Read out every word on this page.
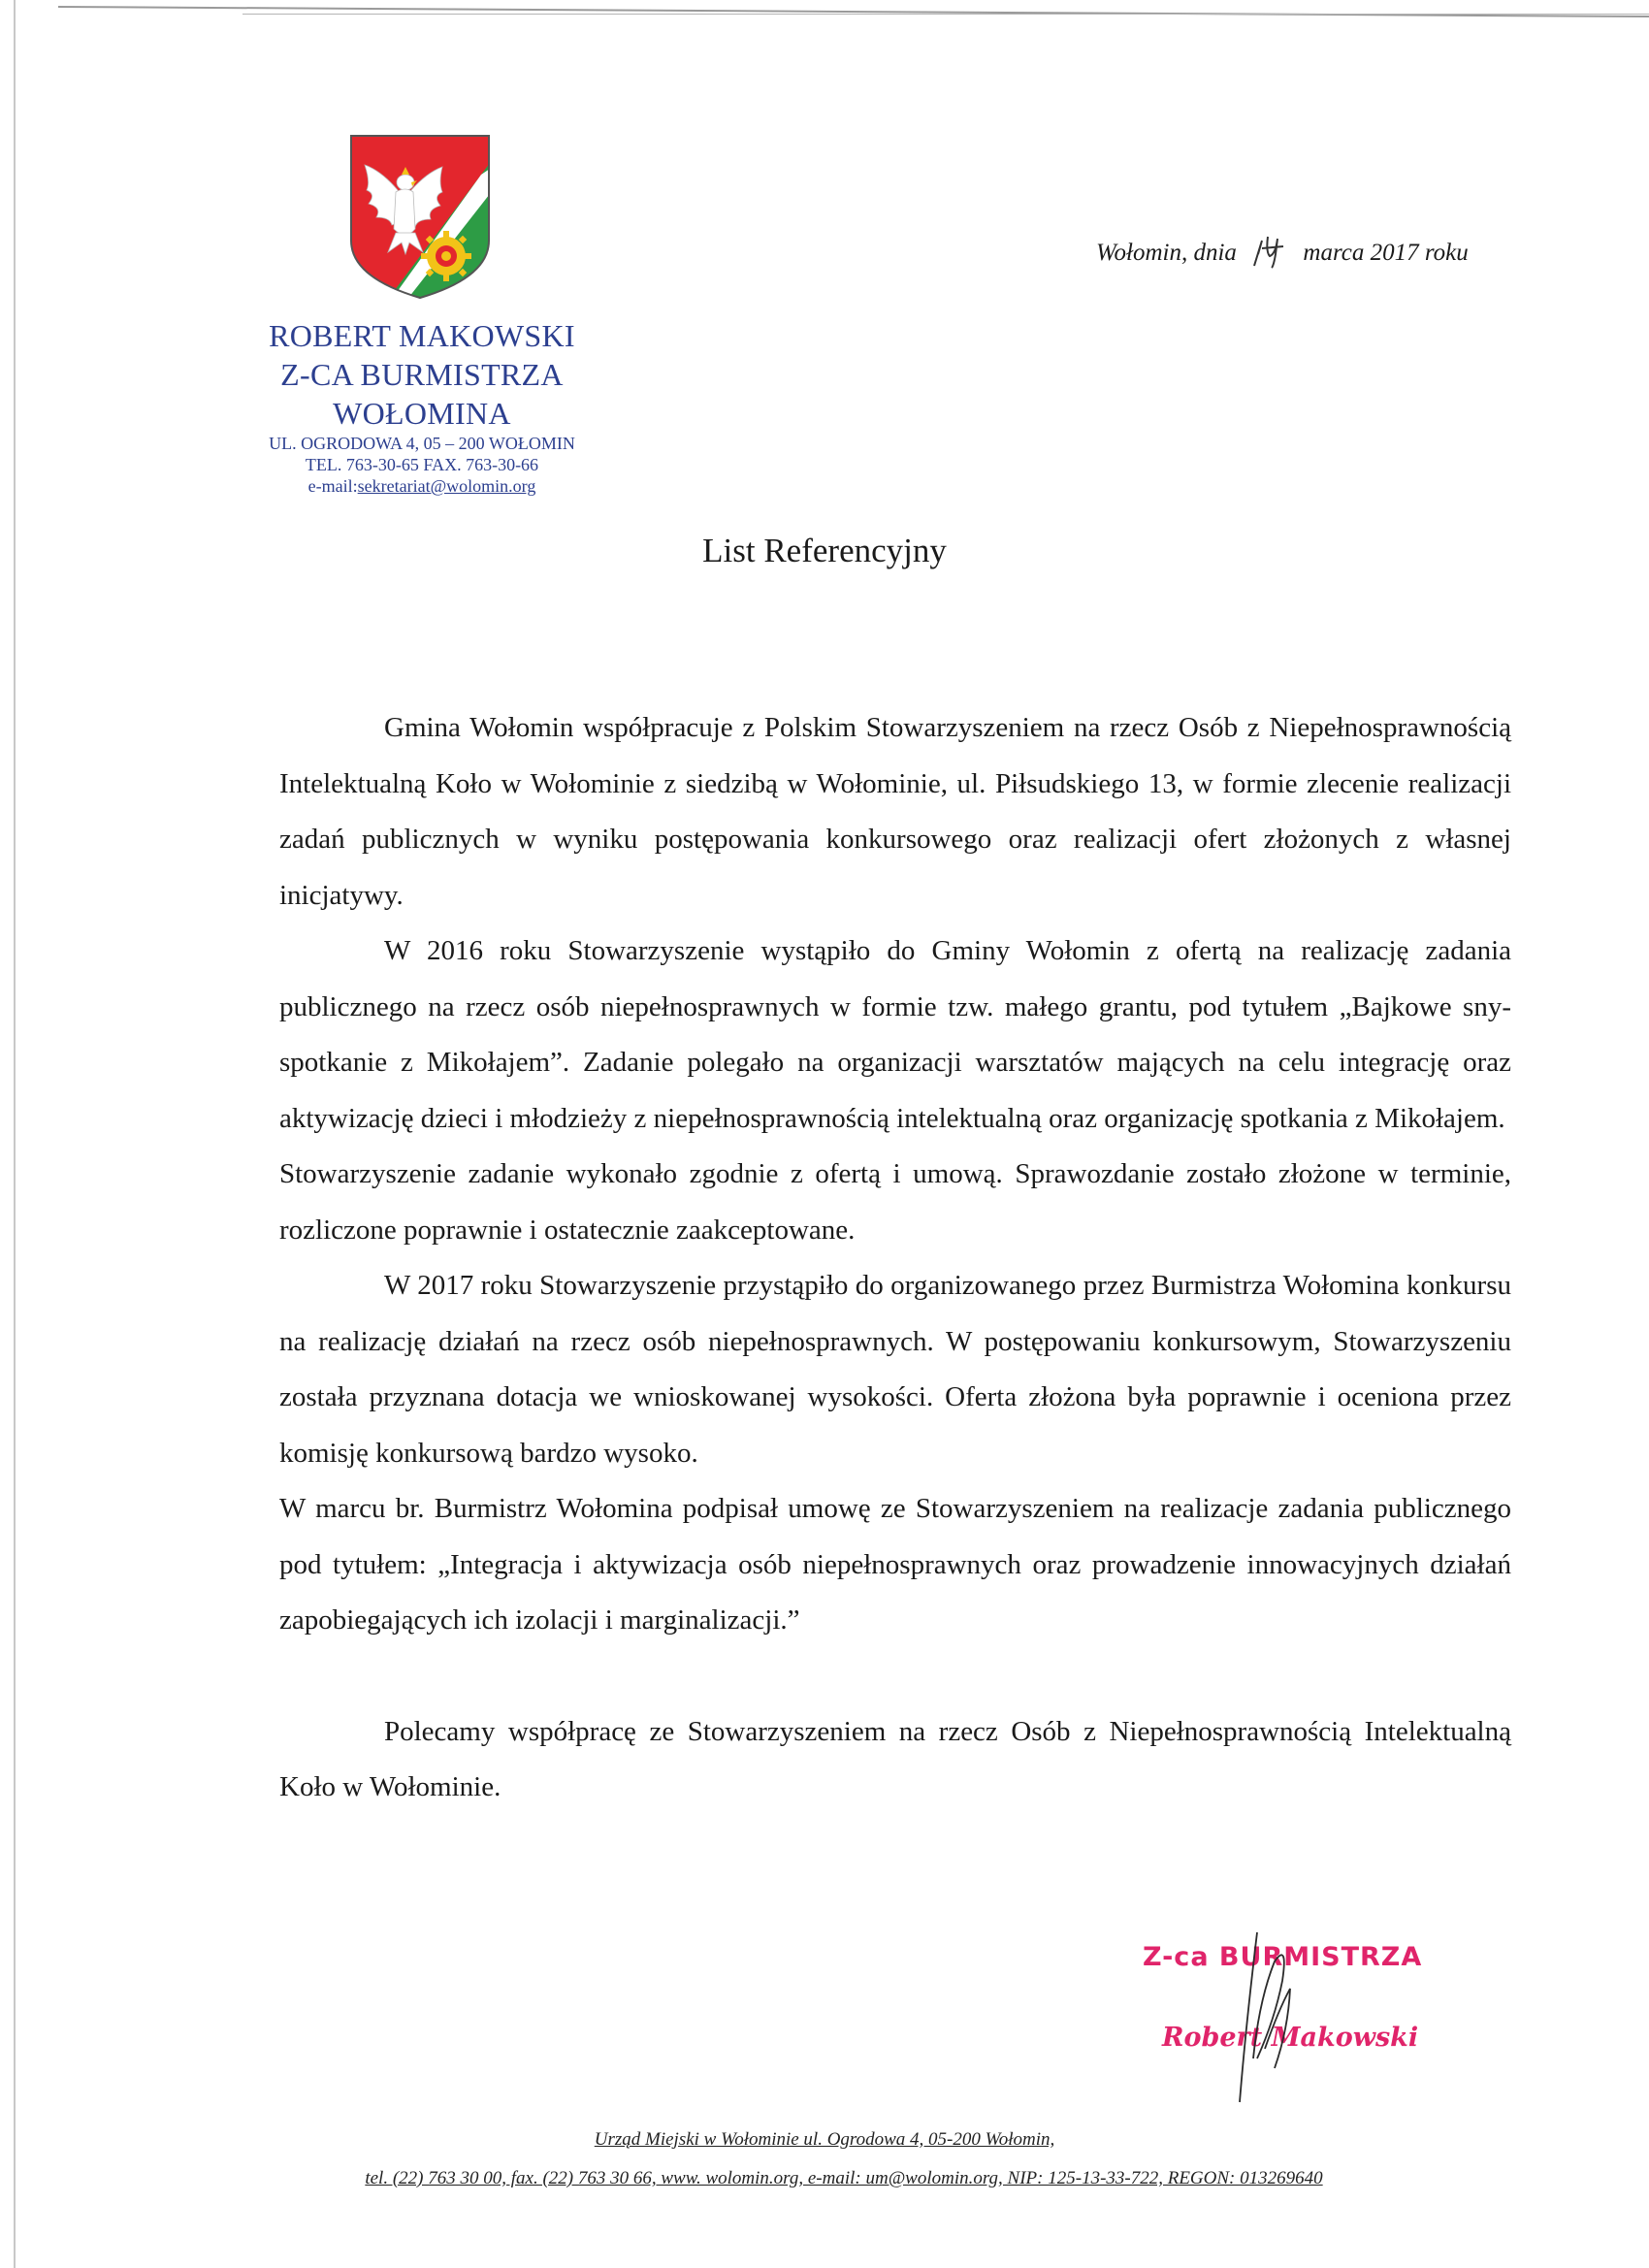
ROBERT MAKOWSKI
Z-CA BURMISTRZA
WOŁOMINA
UL. OGRODOWA 4, 05 – 200 WOŁOMIN
TEL. 763-30-65 FAX. 763-30-66
e-mail:sekretariat@wolomin.org
Wołomin, dnia	marca 2017 roku
List Referencyjny

Gmina Wołomin współpracuje z Polskim Stowarzyszeniem na rzecz Osób z Niepełnosprawnością Intelektualną Koło w Wołominie z siedzibą w Wołominie, ul. Piłsudskiego 13, w formie zlecenie realizacji zadań publicznych w wyniku postępowania konkursowego oraz realizacji ofert złożonych z własnej inicjatywy.

W 2016 roku Stowarzyszenie wystąpiło do Gminy Wołomin z ofertą na realizację zadania publicznego na rzecz osób niepełnosprawnych w formie tzw. małego grantu, pod tytułem „Bajkowe sny-spotkanie z Mikołajem”. Zadanie polegało na organizacji warsztatów mających na celu integrację oraz aktywizację dzieci i młodzieży z niepełnosprawnością intelektualną oraz organizację spotkania z Mikołajem.

Stowarzyszenie zadanie wykonało zgodnie z ofertą i umową. Sprawozdanie zostało złożone w terminie, rozliczone poprawnie i ostatecznie zaakceptowane.

W 2017 roku Stowarzyszenie przystąpiło do organizowanego przez Burmistrza Wołomina konkursu na realizację działań na rzecz osób niepełnosprawnych. W postępowaniu konkursowym, Stowarzyszeniu została przyznana dotacja we wnioskowanej wysokości. Oferta złożona była poprawnie i oceniona przez komisję konkursową bardzo wysoko.

W marcu br. Burmistrz Wołomina podpisał umowę ze Stowarzyszeniem na realizacje zadania publicznego pod tytułem: „Integracja i aktywizacja osób niepełnosprawnych oraz prowadzenie innowacyjnych działań zapobiegających ich izolacji i marginalizacji.”

Polecamy współpracę ze Stowarzyszeniem na rzecz Osób z Niepełnosprawnością Intelektualną Koło w Wołominie.

Z-ca BURMISTRZA
Robert Makowski
Urząd Miejski w Wołominie ul. Ogrodowa 4, 05-200 Wołomin,
tel. (22) 763 30 00, fax. (22) 763 30 66, www. wolomin.org, e-mail: um@wolomin.org, NIP: 125-13-33-722, REGON: 013269640
